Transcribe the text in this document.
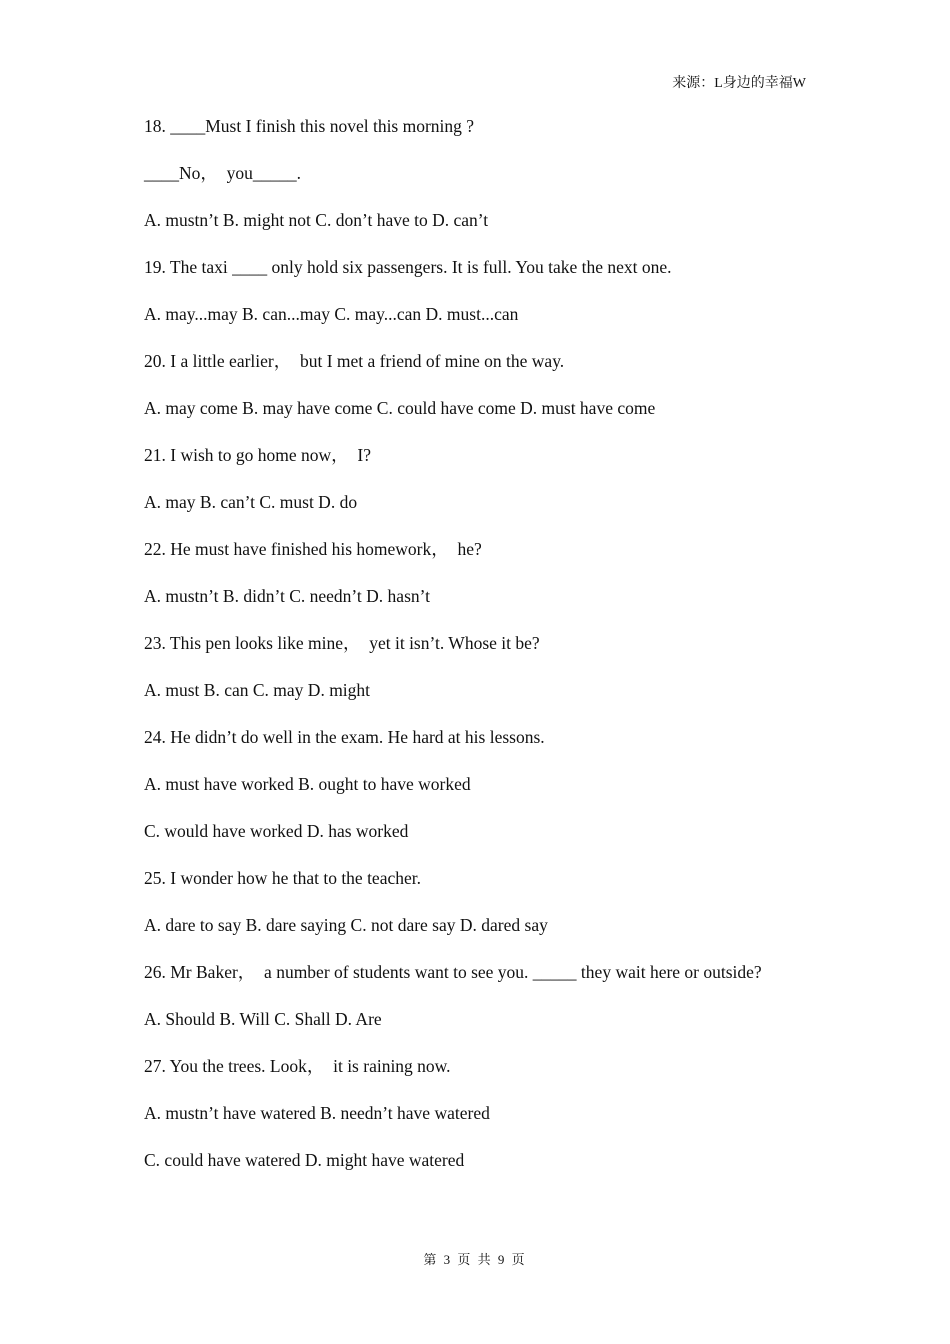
来源：L身边的幸福W

18. ____Must I finish this novel this morning ?

____No，  you_____.

A. mustn’t B. might not C. don’t have to D. can’t

19. The taxi ____ only hold six passengers. It is full. You take the next one.

A. may...may B. can...may C. may...can D. must...can

20. I a little earlier，  but I met a friend of mine on the way.

A. may come B. may have come C. could have come D. must have come

21. I wish to go home now，  I?

A. may B. can’t C. must D. do

22. He must have finished his homework，  he?

A. mustn’t B. didn’t C. needn’t D. hasn’t

23. This pen looks like mine，  yet it isn’t. Whose it be?

A. must B. can C. may D. might

24. He didn’t do well in the exam. He hard at his lessons.

A. must have worked B. ought to have worked

C. would have worked D. has worked

25. I wonder how he that to the teacher.

A. dare to say B. dare saying C. not dare say D. dared say

26. Mr Baker，  a number of students want to see you. _____ they wait here or outside?

A. Should B. Will C. Shall D. Are

27. You the trees. Look，  it is raining now.

A. mustn’t have watered B. needn’t have watered

C. could have watered D. might have watered

第 3 页 共 9 页
